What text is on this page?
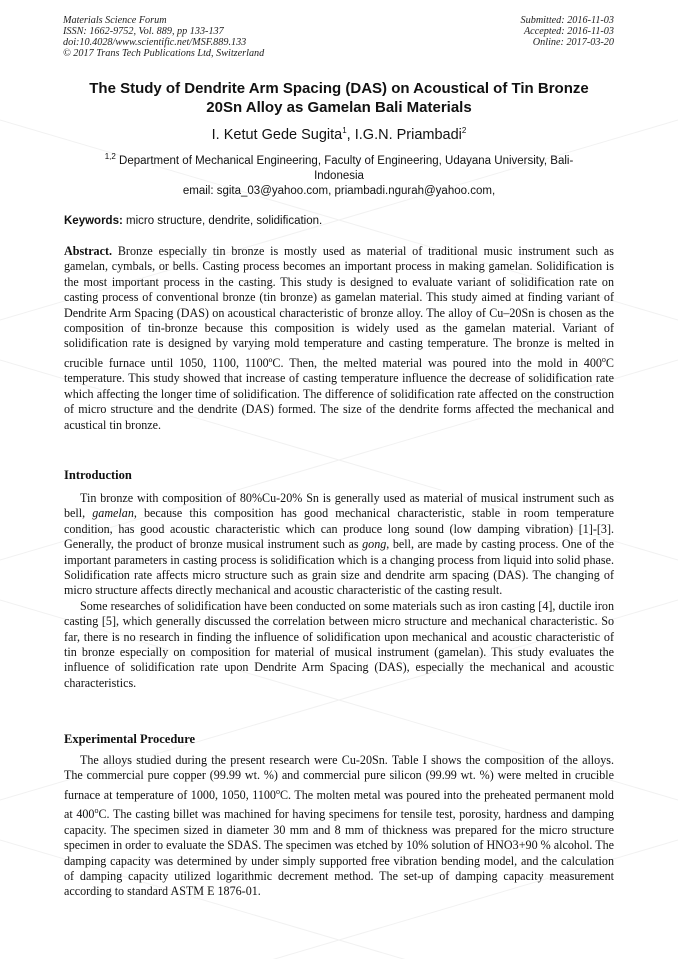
Materials Science Forum
ISSN: 1662-9752, Vol. 889, pp 133-137
doi:10.4028/www.scientific.net/MSF.889.133
© 2017 Trans Tech Publications Ltd, Switzerland
Submitted: 2016-11-03
Accepted: 2016-11-03
Online: 2017-03-20
The Study of Dendrite Arm Spacing (DAS) on Acoustical of Tin Bronze
20Sn Alloy as Gamelan Bali Materials
I. Ketut Gede Sugita$^1$, I.G.N. Priambadi$^2$
$^{1,2}$ Department of Mechanical Engineering, Faculty of Engineering, Udayana University, Bali-Indonesia
email: sgita_03@yahoo.com, priambadi.ngurah@yahoo.com,
Keywords: micro structure, dendrite, solidification.

Abstract. Bronze especially tin bronze is mostly used as material of traditional music instrument such as gamelan, cymbals, or bells. Casting process becomes an important process in making gamelan. Solidification is the most important process in the casting. This study is designed to evaluate variant of solidification rate on casting process of conventional bronze (tin bronze) as gamelan material. This study aimed at finding variant of Dendrite Arm Spacing (DAS) on acoustical characteristic of bronze alloy. The alloy of Cu–20Sn is chosen as the composition of tin-bronze because this composition is widely used as the gamelan material. Variant of solidification rate is designed by varying mold temperature and casting temperature. The bronze is melted in crucible furnace until 1050, 1100, 1100ºC. Then, the melted material was poured into the mold in 400$^o$C temperature. This study showed that increase of casting temperature influence the decrease of solidification rate which affecting the longer time of solidification. The difference of solidification rate affected on the construction of micro structure and the dendrite (DAS) formed. The size of the dendrite forms affected the mechanical and acustical tin bronze.

Introduction

Tin bronze with composition of 80%Cu-20% Sn is generally used as material of musical instrument such as bell, gamelan, because this composition has good mechanical characteristic, stable in room temperature condition, has good acoustic characteristic which can produce long sound (low damping vibration) [1]-[3]. Generally, the product of bronze musical instrument such as gong, bell, are made by casting process. One of the important parameters in casting process is solidification which is a changing process from liquid into solid phase. Solidification rate affects micro structure such as grain size and dendrite arm spacing (DAS). The changing of micro structure affects directly mechanical and acoustic characteristic of the casting result.

Some researches of solidification have been conducted on some materials such as iron casting [4], ductile iron casting [5], which generally discussed the correlation between micro structure and mechanical characteristic. So far, there is no research in finding the influence of solidification upon mechanical and acoustic characteristic of tin bronze especially on composition for material of musical instrument (gamelan). This study evaluates the influence of solidification rate upon Dendrite Arm Spacing (DAS), especially the mechanical and acoustic characteristics.

Experimental Procedure

The alloys studied during the present research were Cu-20Sn. Table I shows the composition of the alloys. The commercial pure copper (99.99 wt. %) and commercial pure silicon (99.99 wt. %) were melted in crucible furnace at temperature of 1000, 1050, 1100$^o$C. The molten metal was poured into the preheated permanent mold at 400$^o$C. The casting billet was machined for having specimens for tensile test, porosity, hardness and damping capacity. The specimen sized in diameter 30 mm and 8 mm of thickness was prepared for the micro structure specimen in order to evaluate the SDAS. The specimen was etched by 10% solution of HNO3+90 % alcohol. The damping capacity was determined by under simply supported free vibration bending model, and the calculation of damping capacity utilized logarithmic decrement method. The set-up of damping capacity measurement according to standard ASTM E 1876-01.
